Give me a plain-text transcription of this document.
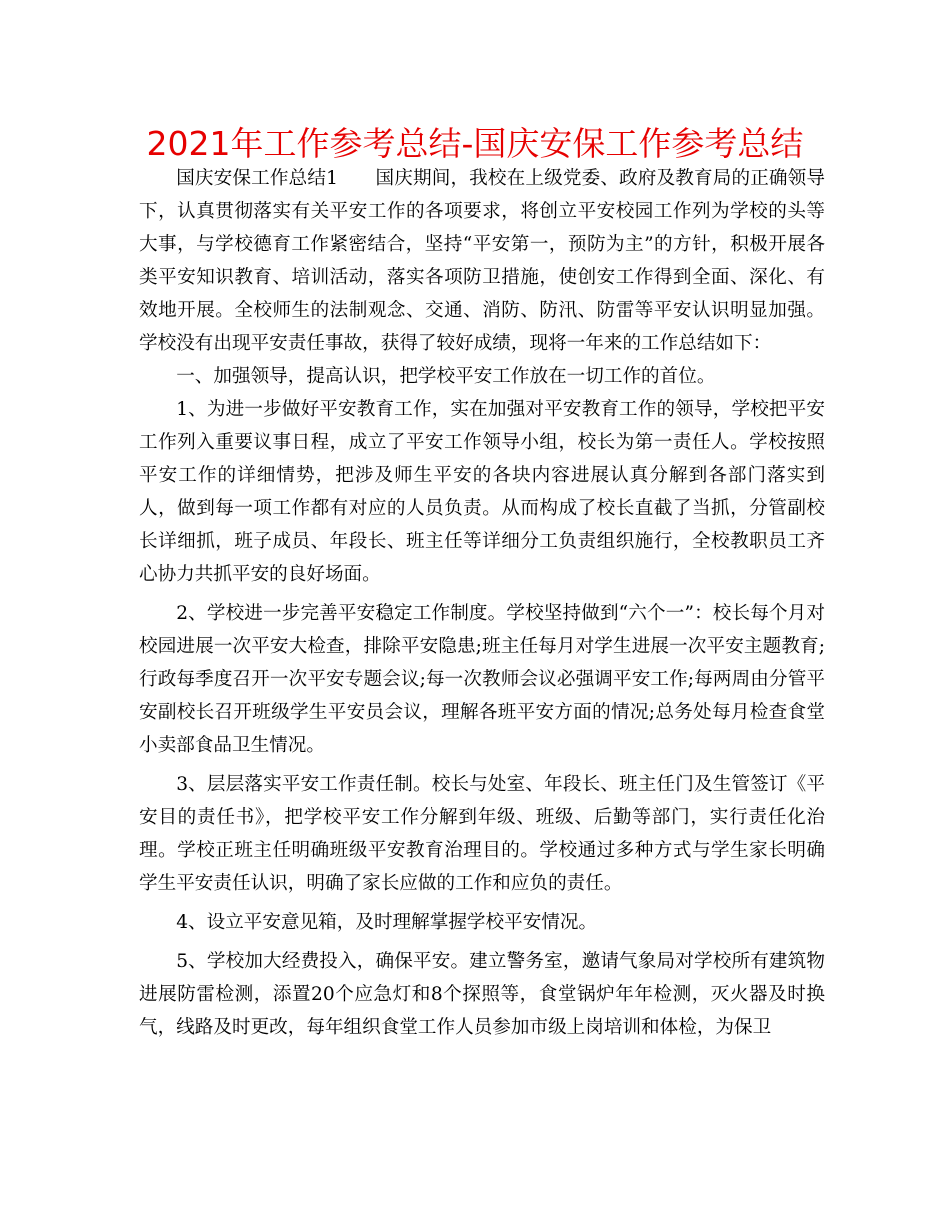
2021年工作参考总结-国庆安保工作参考总结

国庆安保工作总结1　　国庆期间，我校在上级党委、政府及教育局的正确领导下，认真贯彻落实有关平安工作的各项要求，将创立平安校园工作列为学校的头等大事，与学校德育工作紧密结合，坚持“平安第一，预防为主”的方针，积极开展各类平安知识教育、培训活动，落实各项防卫措施，使创安工作得到全面、深化、有效地开展。全校师生的法制观念、交通、消防、防汛、防雷等平安认识明显加强。学校没有出现平安责任事故，获得了较好成绩，现将一年来的工作总结如下：

一、加强领导，提高认识，把学校平安工作放在一切工作的首位。

1、为进一步做好平安教育工作，实在加强对平安教育工作的领导，学校把平安工作列入重要议事日程，成立了平安工作领导小组，校长为第一责任人。学校按照平安工作的详细情势，把涉及师生平安的各块内容进展认真分解到各部门落实到人，做到每一项工作都有对应的人员负责。从而构成了校长直截了当抓，分管副校长详细抓，班子成员、年段长、班主任等详细分工负责组织施行，全校教职员工齐心协力共抓平安的良好场面。

2、学校进一步完善平安稳定工作制度。学校坚持做到“六个一”：校长每个月对校园进展一次平安大检查，排除平安隐患;班主任每月对学生进展一次平安主题教育;行政每季度召开一次平安专题会议;每一次教师会议必强调平安工作;每两周由分管平安副校长召开班级学生平安员会议，理解各班平安方面的情况;总务处每月检查食堂小卖部食品卫生情况。

3、层层落实平安工作责任制。校长与处室、年段长、班主任门及生管签订《平安目的责任书》，把学校平安工作分解到年级、班级、后勤等部门，实行责任化治理。学校正班主任明确班级平安教育治理目的。学校通过多种方式与学生家长明确学生平安责任认识，明确了家长应做的工作和应负的责任。

4、设立平安意见箱，及时理解掌握学校平安情况。

5、学校加大经费投入，确保平安。建立警务室，邀请气象局对学校所有建筑物进展防雷检测，添置20个应急灯和8个探照等，食堂锅炉年年检测，灭火器及时换气，线路及时更改，每年组织食堂工作人员参加市级上岗培训和体检，为保卫
